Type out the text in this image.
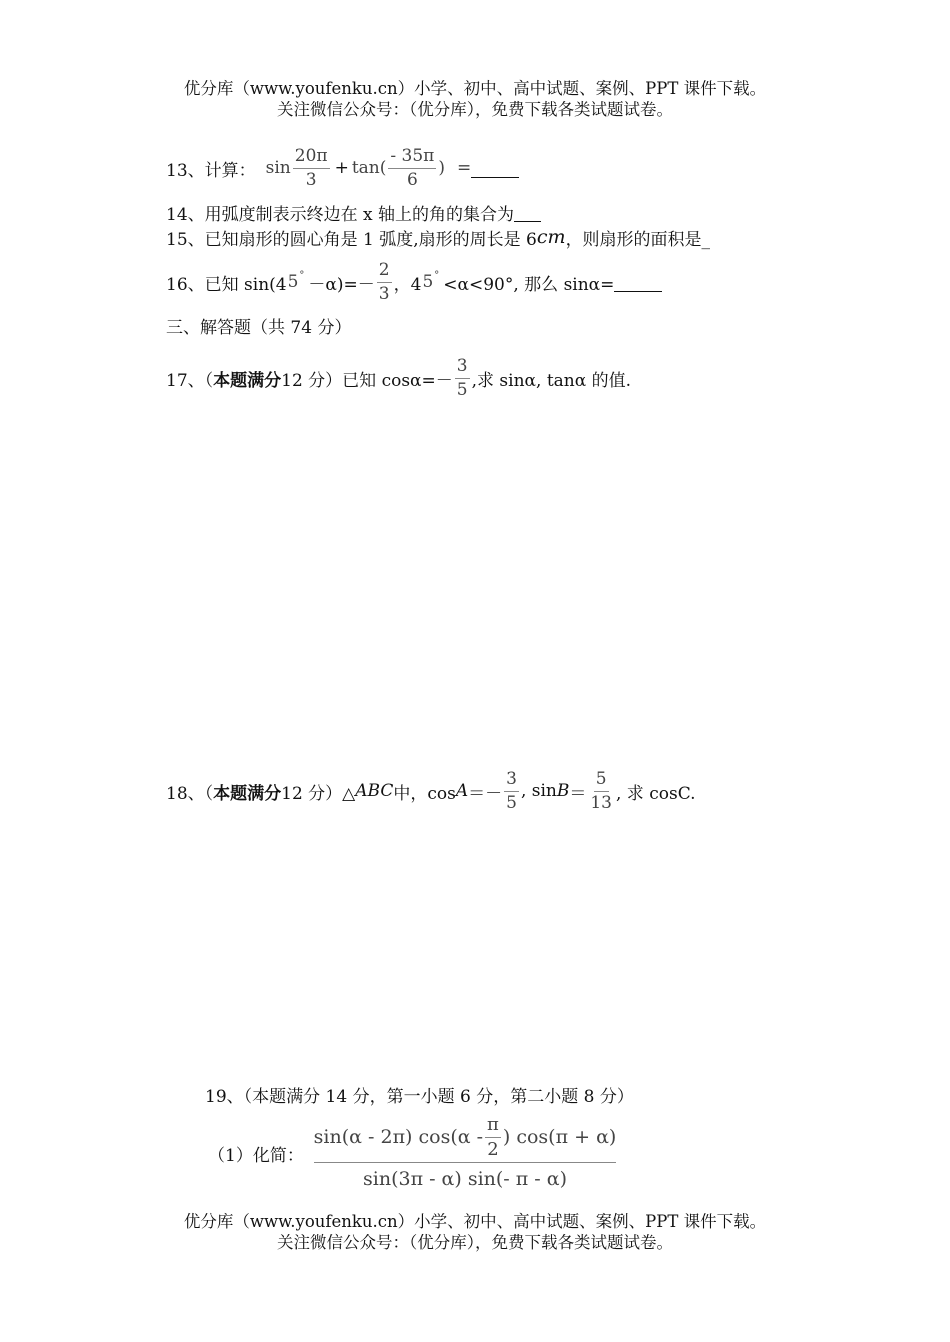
优分库（www.youfenku.cn）小学、初中、高中试题、案例、PPT 课件下载。
关注微信公众号：（优分库），免费下载各类试题试卷。
13、计算： $\sin \frac{20\pi}{3} + \tan( \frac{- 35\pi}{6}$ ) =
14、用弧度制表示终边在 x 轴上的角的集合为
15、已知扇形的圆心角是 1 弧度,扇形的周长是 6 cm ，则扇形的面积是_
16、已知 sin(4 5 ° $-\alpha)=- \frac{2}{3}$ ，4 5 ° <α<90°, 那么 sinα=
三、解答题（共 74 分）
17、（ 本题满分 12 分）已知 $\cos\alpha=- \frac{3}{5}$ ,求 sinα, tanα 的值.
18、（ 本题满分 12 分）△ ABC 中，$\cos A =- \frac{3}{5}$ , $\sin B = \frac{5}{13}$ , 求 cosC.
19、（本题满分 14 分，第一小题 6 分，第二小题 8 分）
（1）化简：
sin(α - 2π) $\cos(\alpha - \frac{\pi}{2}$ ) cos(π + α)
sin(3π - α) sin(- π - α)
优分库（www.youfenku.cn）小学、初中、高中试题、案例、PPT 课件下载。
关注微信公众号：（优分库），免费下载各类试题试卷。
